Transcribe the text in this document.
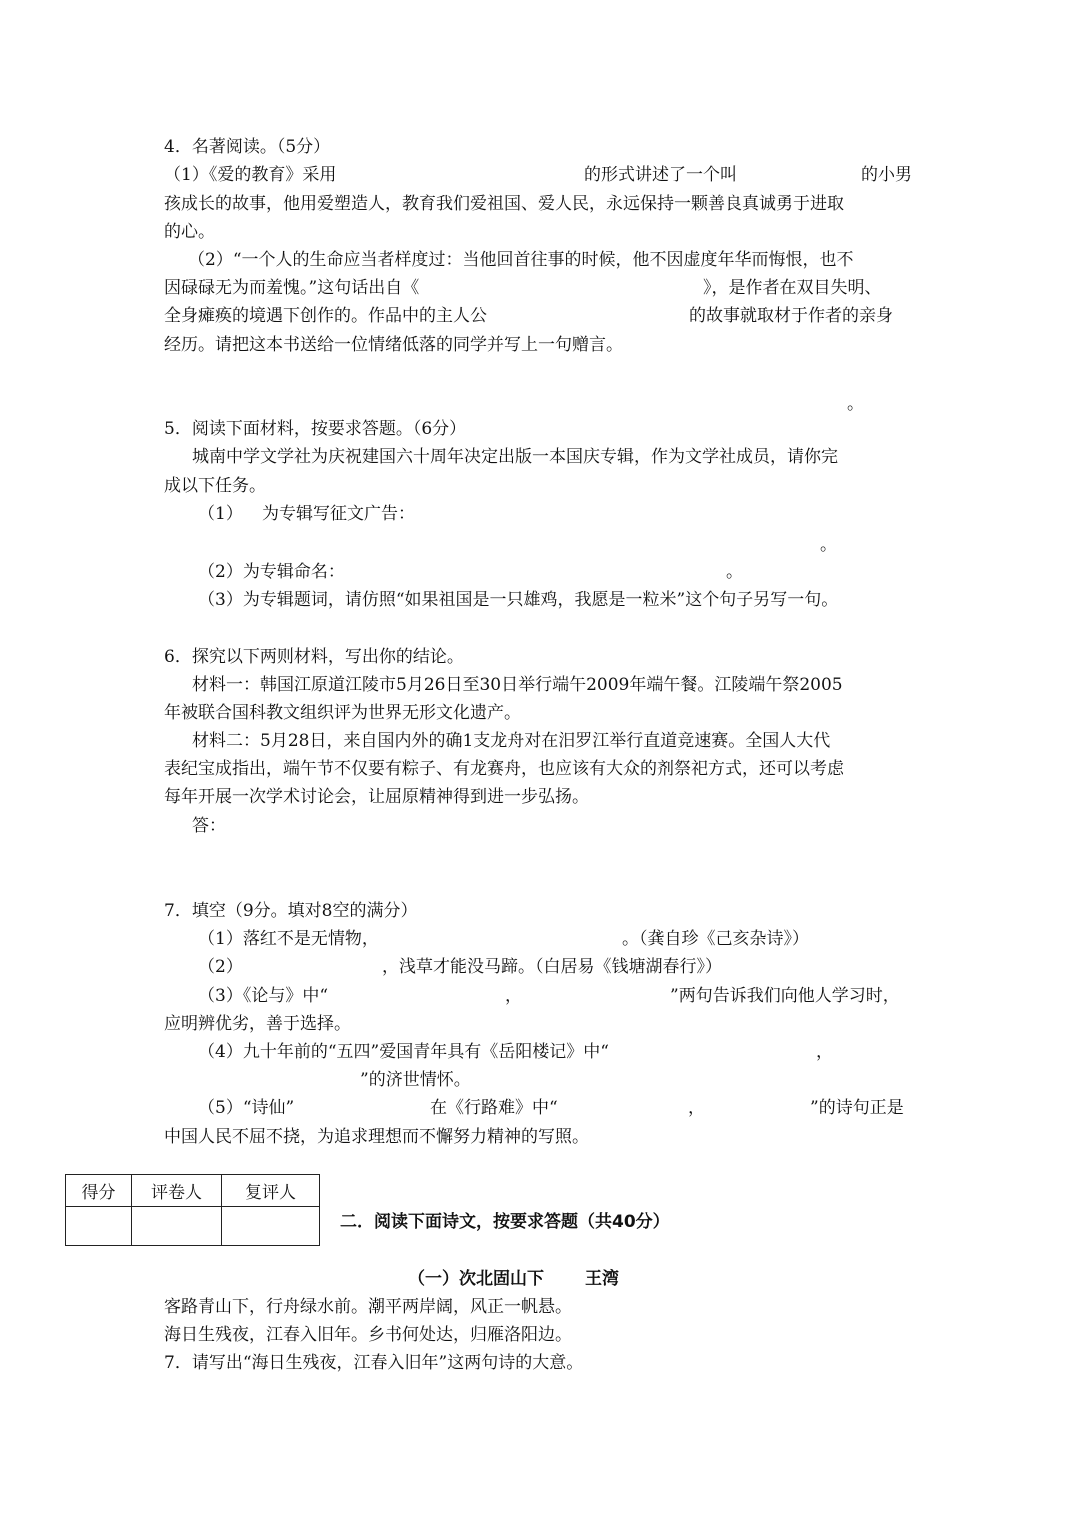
4．名著阅读。（5分）
（1）《爱的教育》采用	的形式讲述了一个叫	的小男
孩成长的故事，他用爱塑造人，教育我们爱祖国、爱人民，永远保持一颗善良真诚勇于进取
的心。
（2）“一个人的生命应当者样度过：当他回首往事的时候，他不因虚度年华而悔恨，也不
因碌碌无为而羞愧。”这句话出自《	》，是作者在双目失明、
全身瘫痪的境遇下创作的。作品中的主人公	的故事就取材于作者的亲身
经历。请把这本书送给一位情绪低落的同学并写上一句赠言。
。
5．阅读下面材料，按要求答题。（6分）
城南中学文学社为庆祝建国六十周年决定出版一本国庆专辑，作为文学社成员，请你完
成以下任务。
（1） 为专辑写征文广告：
。
（2）为专辑命名：	。
（3）为专辑题词，请仿照“如果祖国是一只雄鸡，我愿是一粒米”这个句子另写一句。
6．探究以下两则材料，写出你的结论。
材料一：韩国江原道江陵市5月26日至30日举行端午2009年端午餐。江陵端午祭2005
年被联合国科教文组织评为世界无形文化遗产。
材料二：5月28日，来自国内外的确1支龙舟对在汨罗江举行直道竞速赛。全国人大代
表纪宝成指出，端午节不仅要有粽子、有龙赛舟，也应该有大众的剂祭祀方式，还可以考虑
每年开展一次学术讨论会，让屈原精神得到进一步弘扬。
答：
7．填空（9分。填对8空的满分）
（1）落红不是无情物，	。（龚自珍《己亥杂诗》）
（2）	，浅草才能没马蹄。（白居易《钱塘湖春行》）
（3）《论与》中“	，	”两句告诉我们向他人学习时，
应明辨优劣，善于选择。
（4）九十年前的“五四”爱国青年具有《岳阳楼记》中“	，
”的济世情怀。
（5）“诗仙”	在《行路难》中“	，	”的诗句正是
中国人民不屈不挠，为追求理想而不懈努力精神的写照。
得分	评卷人	复评人

二．阅读下面诗文，按要求答题（共40分）
（一）次北固山下 王湾
客路青山下，行舟绿水前。潮平两岸阔，风正一帆悬。
海日生残夜，江春入旧年。乡书何处达，归雁洛阳边。
7．请写出“海日生残夜，江春入旧年”这两句诗的大意。
